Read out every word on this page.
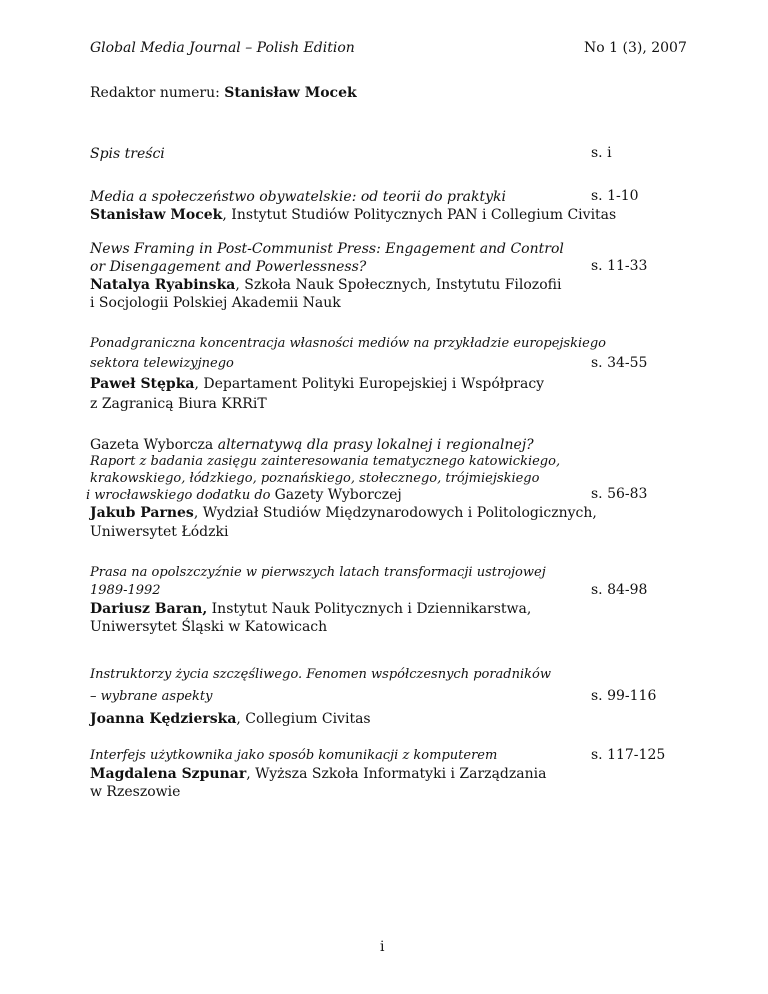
Global Media Journal – Polish Edition	No 1 (3), 2007
Redaktor numeru: Stanisław Mocek
Spis treści	s. i
Media a społeczeństwo obywatelskie: od teorii do praktyki	s. 1-10
Stanisław Mocek, Instytut Studiów Politycznych PAN i Collegium Civitas
News Framing in Post-Communist Press: Engagement and Control
or Disengagement and Powerlessness?	s. 11-33
Natalya Ryabinska, Szkoła Nauk Społecznych, Instytutu Filozofii
i Socjologii Polskiej Akademii Nauk
Ponadgraniczna koncentracja własności mediów na przykładzie europejskiego
sektora telewizyjnego	s. 34-55
Paweł Stępka, Departament Polityki Europejskiej i Współpracy
z Zagranicą Biura KRRiT
Gazeta Wyborcza alternatywą dla prasy lokalnej i regionalnej?
Raport z badania zasięgu zainteresowania tematycznego katowickiego,
krakowskiego, łódzkiego, poznańskiego, stołecznego, trójmiejskiego
i wrocławskiego dodatku do Gazety Wyborczej	s. 56-83
Jakub Parnes, Wydział Studiów Międzynarodowych i Politologicznych,
Uniwersytet Łódzki
Prasa na opolszczyźnie w pierwszych latach transformacji ustrojowej
1989-1992	s. 84-98
Dariusz Baran, Instytut Nauk Politycznych i Dziennikarstwa,
Uniwersytet Śląski w Katowicach
Instruktorzy życia szczęśliwego. Fenomen współczesnych poradników
– wybrane aspekty	s. 99-116
Joanna Kędzierska, Collegium Civitas
Interfejs użytkownika jako sposób komunikacji z komputerem	s. 117-125
Magdalena Szpunar, Wyższa Szkoła Informatyki i Zarządzania
w Rzeszowie
i
